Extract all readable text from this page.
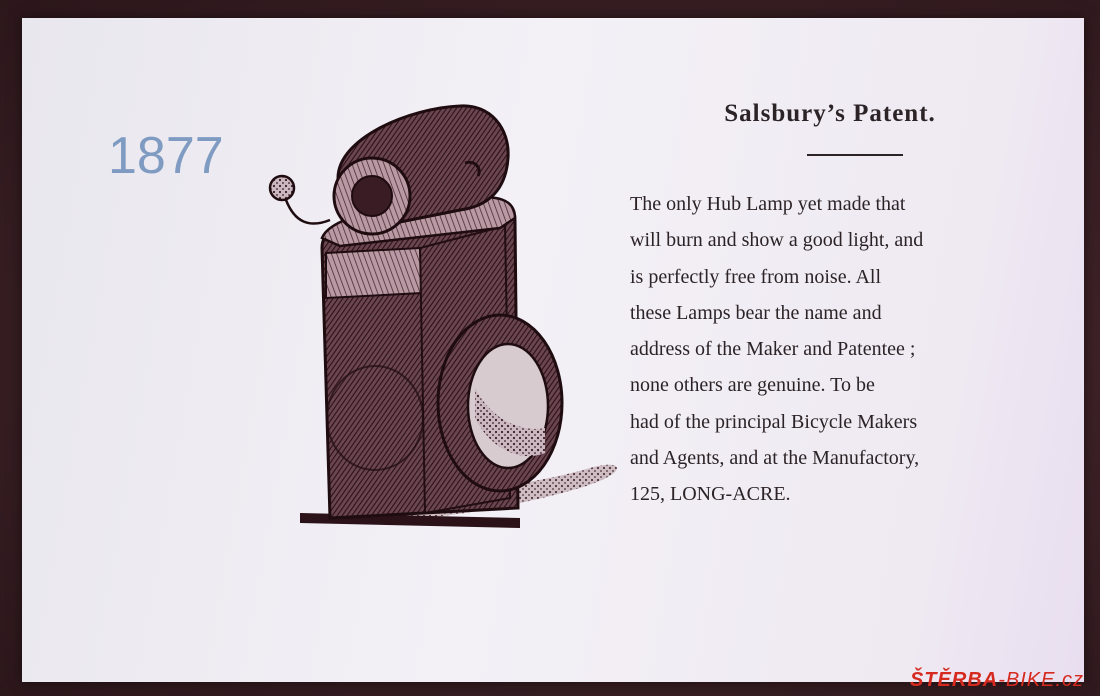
1877
Salsbury’s Patent.
The only Hub Lamp yet made that
will burn and show a good light, and
is perfectly free from noise. All
these Lamps bear the name and
address of the Maker and Patentee ;
none others are genuine. To be
had of the principal Bicycle Makers
and Agents, and at the Manufactory,
125, LONG-ACRE.
ŠTĚRBA-BIKE.cz
